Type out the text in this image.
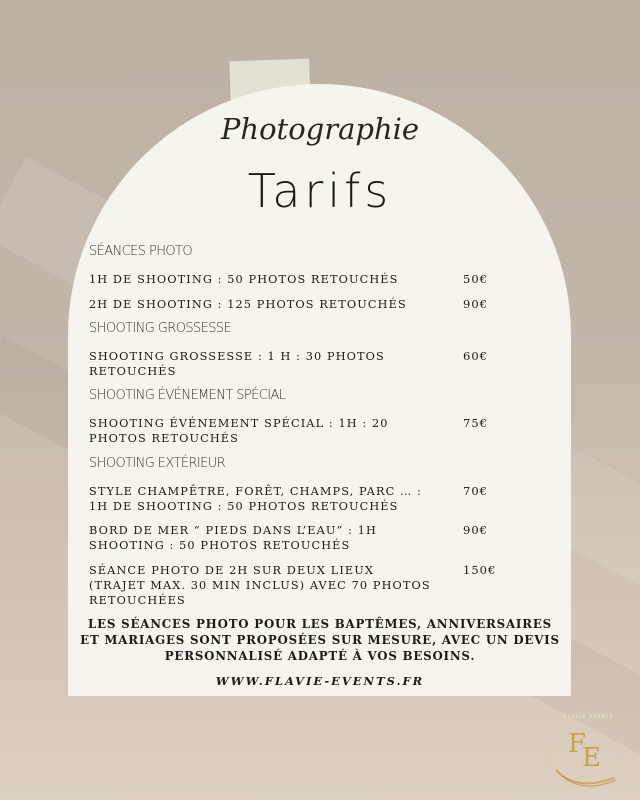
Photographie
Tarifs
SÉANCES PHOTO
1H DE SHOOTING : 50 PHOTOS RETOUCHÉS	50€
2H DE SHOOTING : 125 PHOTOS RETOUCHÉS	90€
SHOOTING GROSSESSE
SHOOTING GROSSESSE : 1 H : 30 PHOTOS RETOUCHÉS
60€
SHOOTING ÉVÉNEMENT SPÉCIAL
SHOOTING ÉVÉNEMENT SPÉCIAL : 1H : 20 PHOTOS RETOUCHÉS
75€
SHOOTING EXTÉRIEUR
STYLE CHAMPÊTRE, FORÊT, CHAMPS, PARC … : 1H DE SHOOTING : 50 PHOTOS RETOUCHÉS
70€
BORD DE MER “ PIEDS DANS L’EAU” : 1H SHOOTING : 50 PHOTOS RETOUCHÉS
90€
SÉANCE PHOTO DE 2H SUR DEUX LIEUX (TRAJET MAX. 30 MIN INCLUS) AVEC 70 PHOTOS RETOUCHÉES
150€
LES SÉANCES PHOTO POUR LES BAPTÊMES, ANNIVERSAIRES ET MARIAGES SONT PROPOSÉES SUR MESURE, AVEC UN DEVIS PERSONNALISÉ ADAPTÉ À VOS BESOINS.
WWW.FLAVIE-EVENTS.FR
F
E
FLAVIE EVENTS
